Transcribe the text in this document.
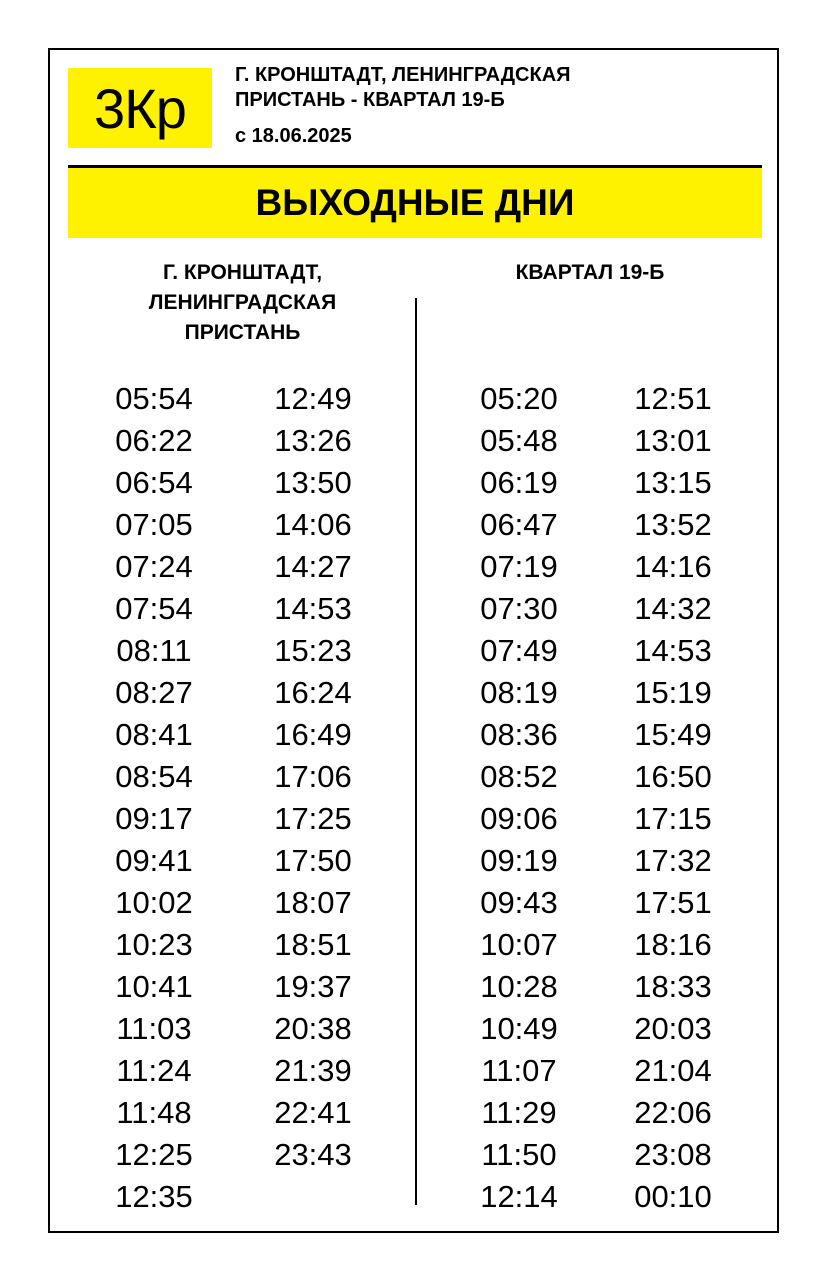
3Кр
Г. КРОНШТАДТ, ЛЕНИНГРАДСКАЯ
ПРИСТАНЬ - КВАРТАЛ 19-Б
с 18.06.2025
ВЫХОДНЫЕ ДНИ
Г. КРОНШТАДТ,
ЛЕНИНГРАДСКАЯ
ПРИСТАНЬ
КВАРТАЛ 19-Б
05:54
06:22
06:54
07:05
07:24
07:54
08:11
08:27
08:41
08:54
09:17
09:41
10:02
10:23
10:41
11:03
11:24
11:48
12:25
12:35
12:49
13:26
13:50
14:06
14:27
14:53
15:23
16:24
16:49
17:06
17:25
17:50
18:07
18:51
19:37
20:38
21:39
22:41
23:43
05:20
05:48
06:19
06:47
07:19
07:30
07:49
08:19
08:36
08:52
09:06
09:19
09:43
10:07
10:28
10:49
11:07
11:29
11:50
12:14
12:51
13:01
13:15
13:52
14:16
14:32
14:53
15:19
15:49
16:50
17:15
17:32
17:51
18:16
18:33
20:03
21:04
22:06
23:08
00:10
